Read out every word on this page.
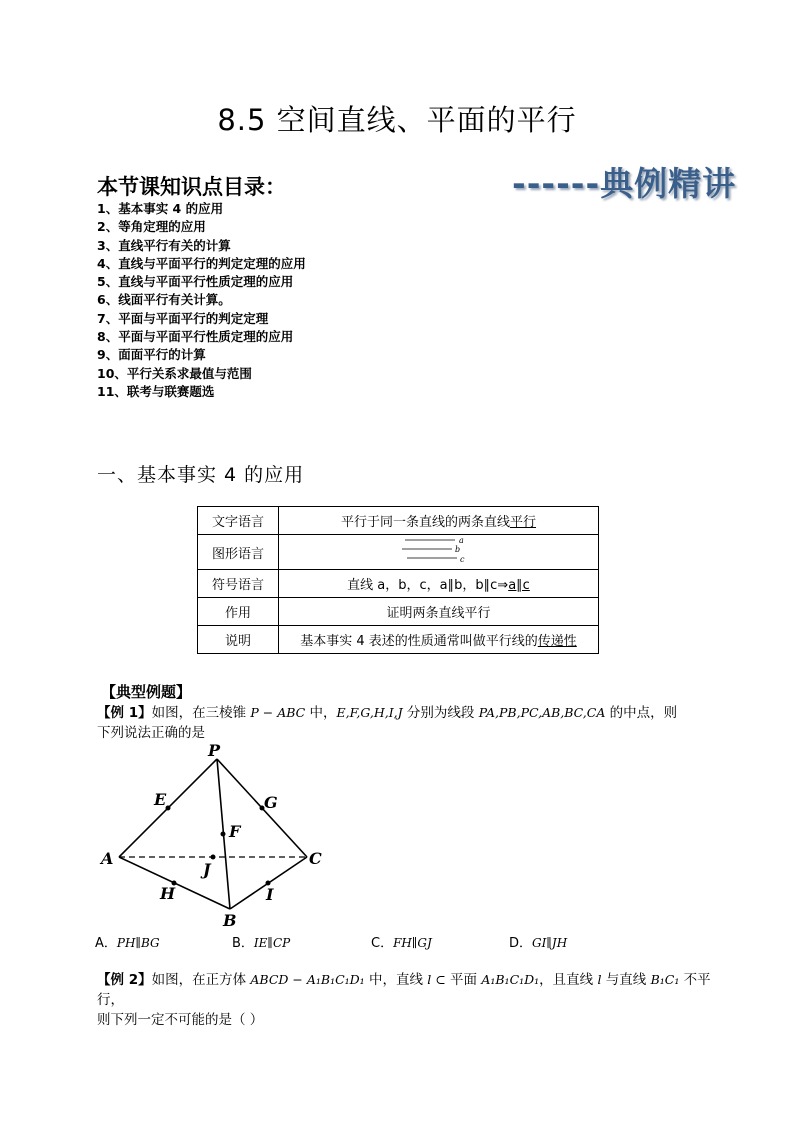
8.5 空间直线、平面的平行
本节课知识点目录：	------典例精讲
1、基本事实 4 的应用
2、等角定理的应用
3、直线平行有关的计算
4、直线与平面平行的判定定理的应用
5、直线与平面平行性质定理的应用
6、线面平行有关计算。
7、平面与平面平行的判定定理
8、平面与平面平行性质定理的应用
9、面面平行的计算
10、平行关系求最值与范围
11、联考与联赛题选
一、基本事实 4 的应用
文字语言	平行于同一条直线的两条直线平行
图形语言	a
b
c

符号语言	直线 a，b，c，a∥b，b∥c⇒a∥c
作用	证明两条直线平行
说明	基本事实 4 表述的性质通常叫做平行线的传递性
【典型例题】
【例 1】如图，在三棱锥 P − ABC 中，E,F,G,H,I,J 分别为线段 PA,PB,PC,AB,BC,CA 的中点，则
下列说法正确的是
P
E	G
F
A	C
J
H	I
B
A．PH∥BG	B．IE∥CP	C．FH∥GJ	D．GI∥JH
【例 2】如图，在正方体 ABCD − A₁B₁C₁D₁ 中，直线 l ⊂ 平面 A₁B₁C₁D₁，且直线 l 与直线 B₁C₁ 不平行，
则下列一定不可能的是（ ）
